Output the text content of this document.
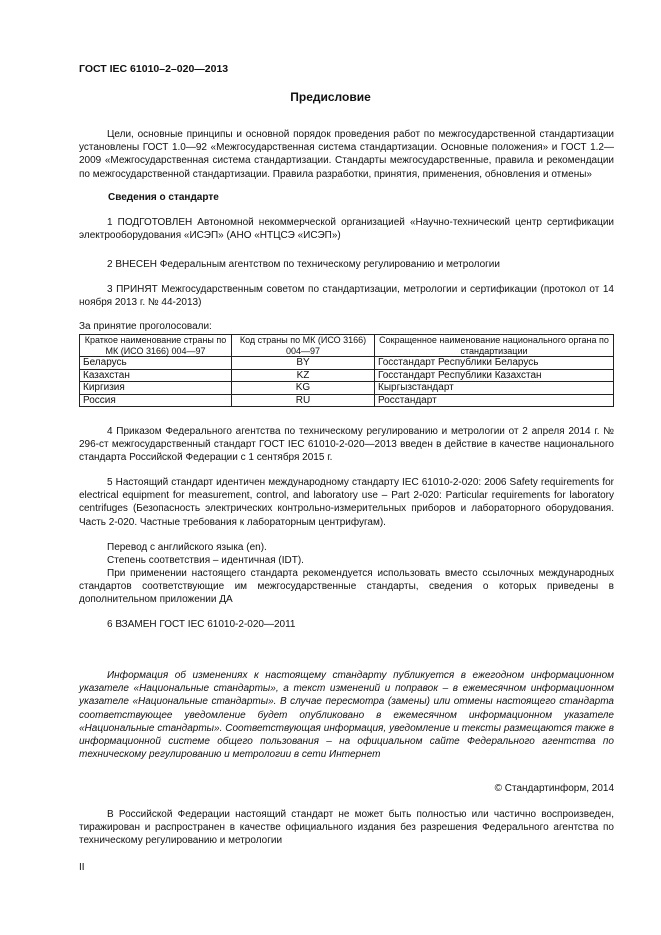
ГОСТ IEC 61010–2–020—2013
Предисловие
Цели, основные принципы и основной порядок проведения работ по межгосударственной стандартизации установлены ГОСТ 1.0—92 «Межгосударственная система стандартизации. Основные положения» и ГОСТ 1.2—2009 «Межгосударственная система стандартизации. Стандарты межгосударственные, правила и рекомендации по межгосударственной стандартизации. Правила разработки, принятия, применения, обновления и отмены»
Сведения о стандарте
1 ПОДГОТОВЛЕН Автономной некоммерческой организацией «Научно-технический центр сертификации электрооборудования «ИСЭП» (АНО «НТЦСЭ «ИСЭП»)
2 ВНЕСЕН Федеральным агентством по техническому регулированию и метрологии
3 ПРИНЯТ Межгосударственным советом по стандартизации, метрологии и сертификации (протокол от 14 ноября 2013 г. № 44-2013)
За принятие проголосовали:
Краткое наименование страны по МК (ИСО 3166) 004—97	Код страны по МК (ИСО 3166) 004—97	Сокращенное наименование национального органа по стандартизации
Беларусь	BY	Госстандарт Республики Беларусь
Казахстан	KZ	Госстандарт Республики Казахстан
Киргизия	KG	Кыргызстандарт
Россия	RU	Росстандарт
4 Приказом Федерального агентства по техническому регулированию и метрологии от 2 апреля 2014 г. № 296-ст межгосударственный стандарт ГОСТ IEC 61010-2-020—2013 введен в действие в качестве национального стандарта Российской Федерации с 1 сентября 2015 г.
5 Настоящий стандарт идентичен международному стандарту IEC 61010-2-020: 2006 Safety requirements for electrical equipment for measurement, control, and laboratory use – Part 2-020: Particular requirements for laboratory centrifuges (Безопасность электрических контрольно-измерительных приборов и лабораторного оборудования. Часть 2-020. Частные требования к лабораторным центрифугам).
Перевод с английского языка (en).
Степень соответствия – идентичная (IDT).
При применении настоящего стандарта рекомендуется использовать вместо ссылочных международных стандартов соответствующие им межгосударственные стандарты, сведения о которых приведены в дополнительном приложении ДА
6 ВЗАМЕН ГОСТ IEC 61010-2-020—2011
Информация об изменениях к настоящему стандарту публикуется в ежегодном информационном указателе «Национальные стандарты», а текст изменений и поправок – в ежемесячном информационном указателе «Национальные стандарты». В случае пересмотра (замены) или отмены настоящего стандарта соответствующее уведомление будет опубликовано в ежемесячном информационном указателе «Национальные стандарты». Соответствующая информация, уведомление и тексты размещаются также в информационной системе общего пользования – на официальном сайте Федерального агентства по техническому регулированию и метрологии в сети Интернет
© Стандартинформ, 2014
В Российской Федерации настоящий стандарт не может быть полностью или частично воспроизведен, тиражирован и распространен в качестве официального издания без разрешения Федерального агентства по техническому регулированию и метрологии
II
